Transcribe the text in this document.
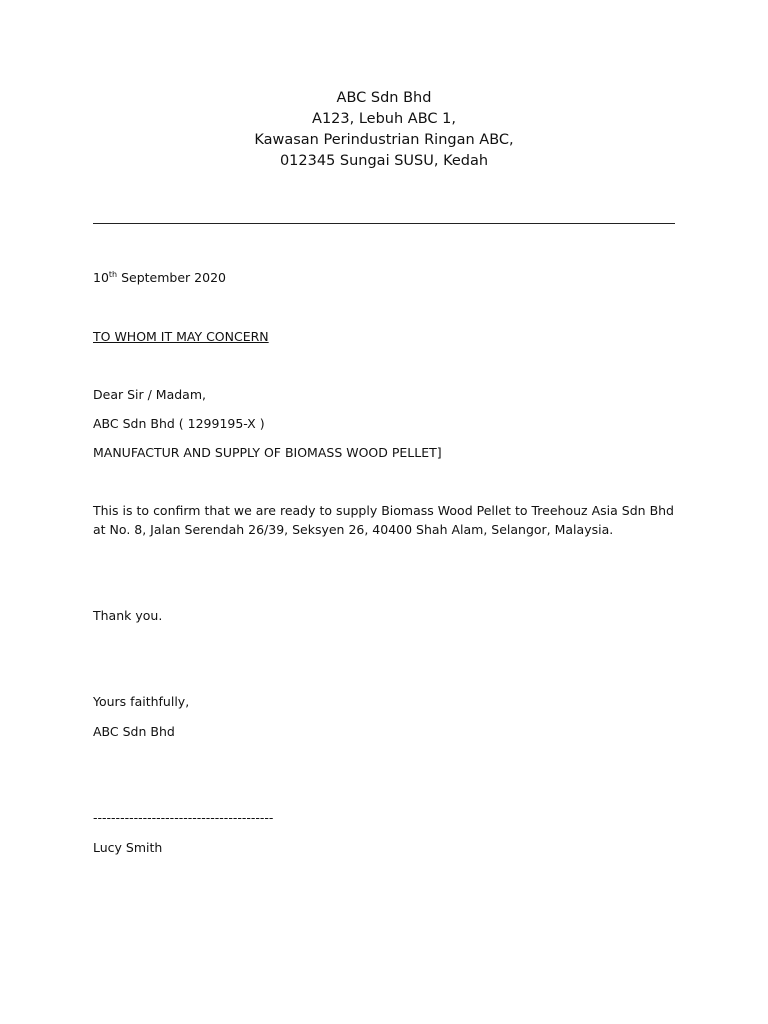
ABC Sdn Bhd
A123, Lebuh ABC 1,
Kawasan Perindustrian Ringan ABC,
012345 Sungai SUSU, Kedah
10th September 2020
TO WHOM IT MAY CONCERN
Dear Sir / Madam,
ABC Sdn Bhd ( 1299195-X )
MANUFACTUR AND SUPPLY OF BIOMASS WOOD PELLET]
This is to confirm that we are ready to supply Biomass Wood Pellet to Treehouz Asia Sdn Bhd at No. 8, Jalan Serendah 26/39, Seksyen 26, 40400 Shah Alam, Selangor, Malaysia.
Thank you.
Yours faithfully,
ABC Sdn Bhd
----------------------------------------
Lucy Smith
